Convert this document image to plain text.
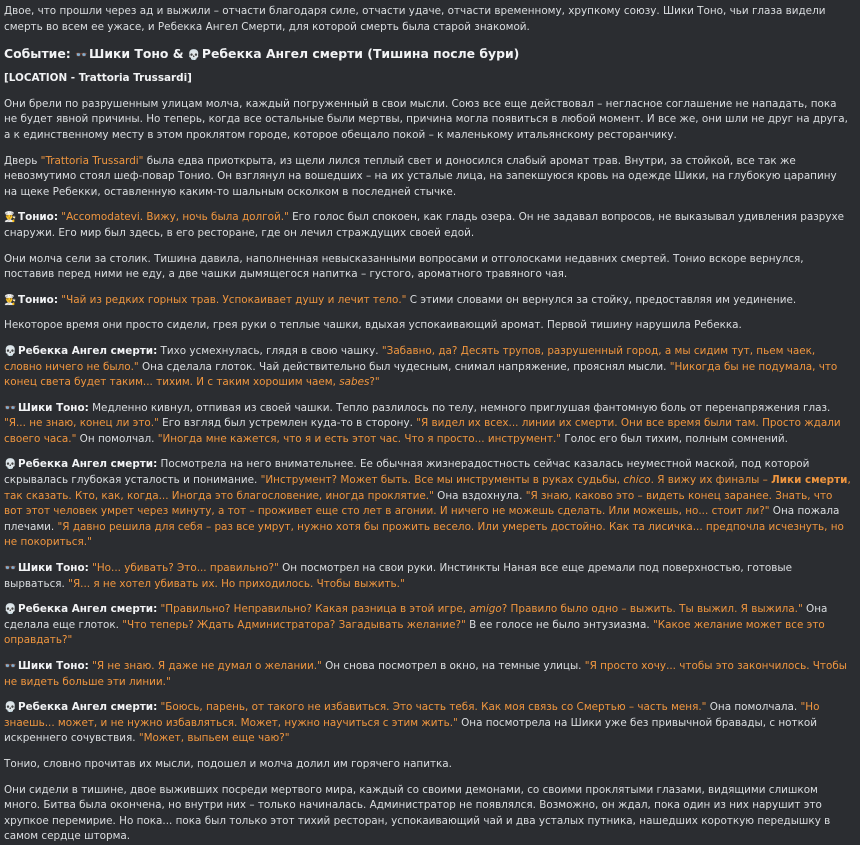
Двое, что прошли через ад и выжили – отчасти благодаря силе, отчасти удаче, отчасти временному, хрупкому союзу. Шики Тоно, чьи глаза видели смерть во всем ее ужасе, и Ребекка Ангел Смерти, для которой смерть была старой знакомой.

Событие: 👓 Шики Тоно & 💀 Ребекка Ангел смерти (Тишина после бури)
[LOCATION - Trattoria Trussardi]

Они брели по разрушенным улицам молча, каждый погруженный в свои мысли. Союз все еще действовал – негласное соглашение не нападать, пока не будет явной причины. Но теперь, когда все остальные были мертвы, причина могла появиться в любой момент. И все же, они шли не друг на друга, а к единственному месту в этом проклятом городе, которое обещало покой – к маленькому итальянскому ресторанчику.

Дверь "Trattoria Trussardi" была едва приоткрыта, из щели лился теплый свет и доносился слабый аромат трав. Внутри, за стойкой, все так же невозмутимо стоял шеф-повар Тонио. Он взглянул на вошедших – на их усталые лица, на запекшуюся кровь на одежде Шики, на глубокую царапину на щеке Ребекки, оставленную каким-то шальным осколком в последней стычке.

👨‍🍳 Тонио: "Accomodatevi. Вижу, ночь была долгой." Его голос был спокоен, как гладь озера. Он не задавал вопросов, не выказывал удивления разрухе снаружи. Его мир был здесь, в его ресторане, где он лечил страждущих своей едой.

Они молча сели за столик. Тишина давила, наполненная невысказанными вопросами и отголосками недавних смертей. Тонио вскоре вернулся, поставив перед ними не еду, а две чашки дымящегося напитка – густого, ароматного травяного чая.

👨‍🍳 Тонио: "Чай из редких горных трав. Успокаивает душу и лечит тело." С этими словами он вернулся за стойку, предоставляя им уединение.

Некоторое время они просто сидели, грея руки о теплые чашки, вдыхая успокаивающий аромат. Первой тишину нарушила Ребекка.

💀 Ребекка Ангел смерти: Тихо усмехнулась, глядя в свою чашку. "Забавно, да? Десять трупов, разрушенный город, а мы сидим тут, пьем чаек, словно ничего не было." Она сделала глоток. Чай действительно был чудесным, снимал напряжение, прояснял мысли. "Никогда бы не подумала, что конец света будет таким... тихим. И с таким хорошим чаем, sabes?"

👓 Шики Тоно: Медленно кивнул, отпивая из своей чашки. Тепло разлилось по телу, немного приглушая фантомную боль от перенапряжения глаз. "Я... не знаю, конец ли это." Его взгляд был устремлен куда-то в сторону. "Я видел их всех... линии их смерти. Они все время были там. Просто ждали своего часа." Он помолчал. "Иногда мне кажется, что я и есть этот час. Что я просто... инструмент." Голос его был тихим, полным сомнений.

💀 Ребекка Ангел смерти: Посмотрела на него внимательнее. Ее обычная жизнерадостность сейчас казалась неуместной маской, под которой скрывалась глубокая усталость и понимание. "Инструмент? Может быть. Все мы инструменты в руках судьбы, chico. Я вижу их финалы – Лики смерти, так сказать. Кто, как, когда... Иногда это благословение, иногда проклятие." Она вздохнула. "Я знаю, каково это – видеть конец заранее. Знать, что вот этот человек умрет через минуту, а тот – проживет еще сто лет в агонии. И ничего не можешь сделать. Или можешь, но... стоит ли?" Она пожала плечами. "Я давно решила для себя – раз все умрут, нужно хотя бы прожить весело. Или умереть достойно. Как та лисичка... предпочла исчезнуть, но не покориться."

👓 Шики Тоно: "Но... убивать? Это... правильно?" Он посмотрел на свои руки. Инстинкты Наная все еще дремали под поверхностью, готовые вырваться. "Я... я не хотел убивать их. Но приходилось. Чтобы выжить."

💀 Ребекка Ангел смерти: "Правильно? Неправильно? Какая разница в этой игре, amigo? Правило было одно – выжить. Ты выжил. Я выжила." Она сделала еще глоток. "Что теперь? Ждать Администратора? Загадывать желание?" В ее голосе не было энтузиазма. "Какое желание может все это оправдать?"

👓 Шики Тоно: "Я не знаю. Я даже не думал о желании." Он снова посмотрел в окно, на темные улицы. "Я просто хочу... чтобы это закончилось. Чтобы не видеть больше эти линии."

💀 Ребекка Ангел смерти: "Боюсь, парень, от такого не избавиться. Это часть тебя. Как моя связь со Смертью – часть меня." Она помолчала. "Но знаешь... может, и не нужно избавляться. Может, нужно научиться с этим жить." Она посмотрела на Шики уже без привычной бравады, с ноткой искреннего сочувствия. "Может, выпьем еще чаю?"

Тонио, словно прочитав их мысли, подошел и молча долил им горячего напитка.

Они сидели в тишине, двое выживших посреди мертвого мира, каждый со своими демонами, со своими проклятыми глазами, видящими слишком много. Битва была окончена, но внутри них – только начиналась. Администратор не появлялся. Возможно, он ждал, пока один из них нарушит это хрупкое перемирие. Но пока... пока был только этот тихий ресторан, успокаивающий чай и два усталых путника, нашедших короткую передышку в самом сердце шторма.
